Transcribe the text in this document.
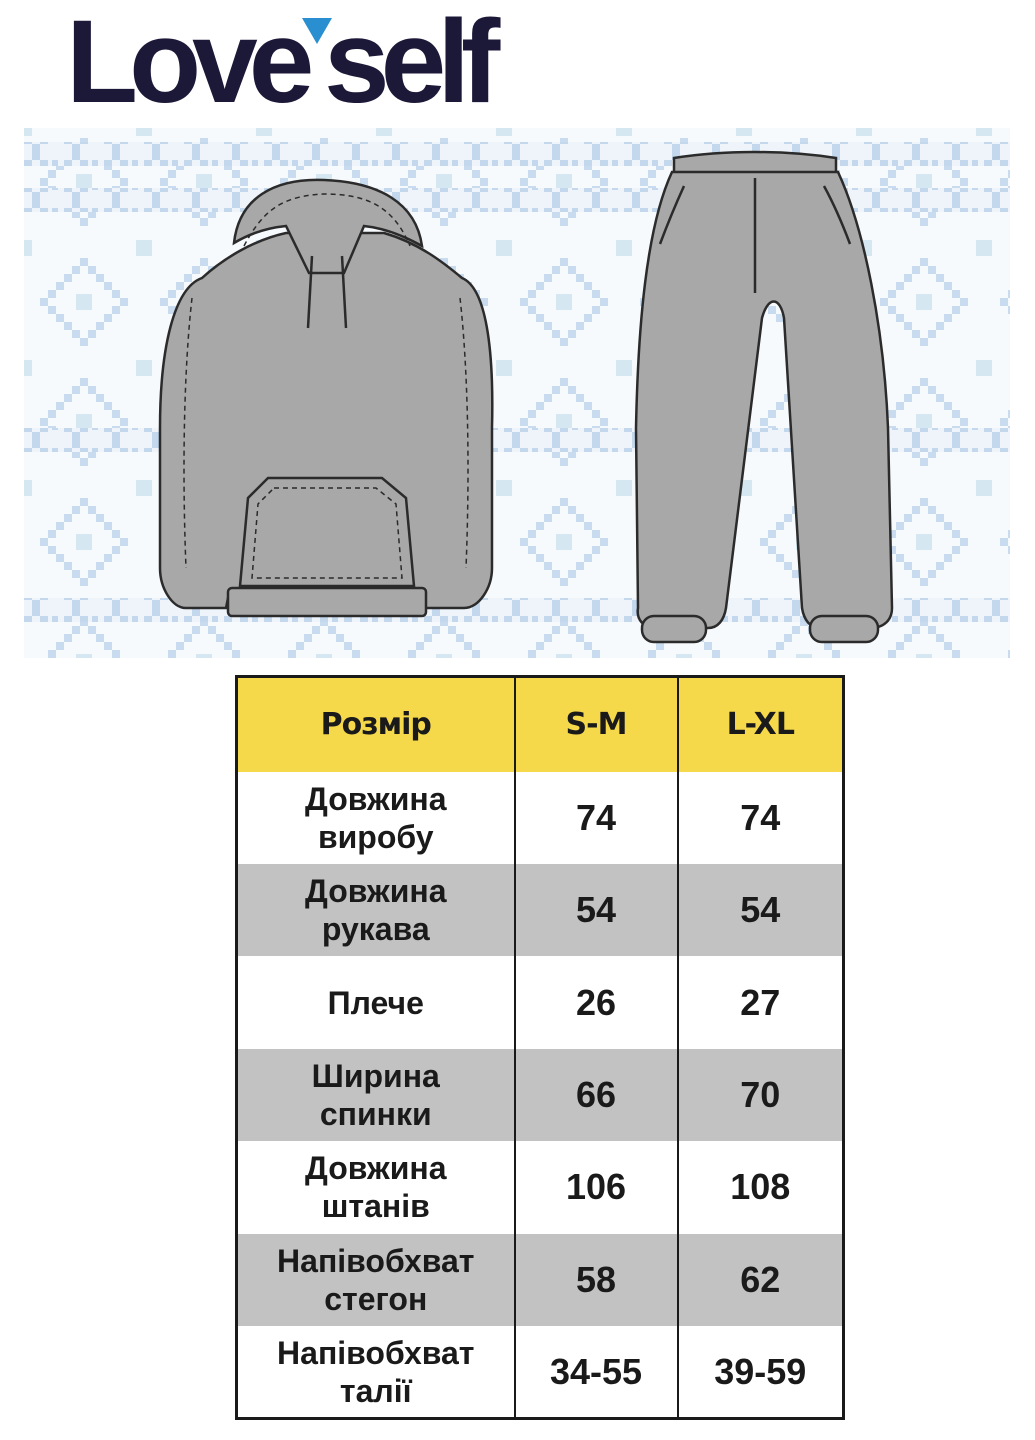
Love self
Розмір	S-M	L-XL
Довжина
виробу	74	74
Довжина
рукава	54	54
Плече	26	27
Ширина
спинки	66	70
Довжина
штанів	106	108
Напівобхват
стегон	58	62
Напівобхват
талії	34-55	39-59
